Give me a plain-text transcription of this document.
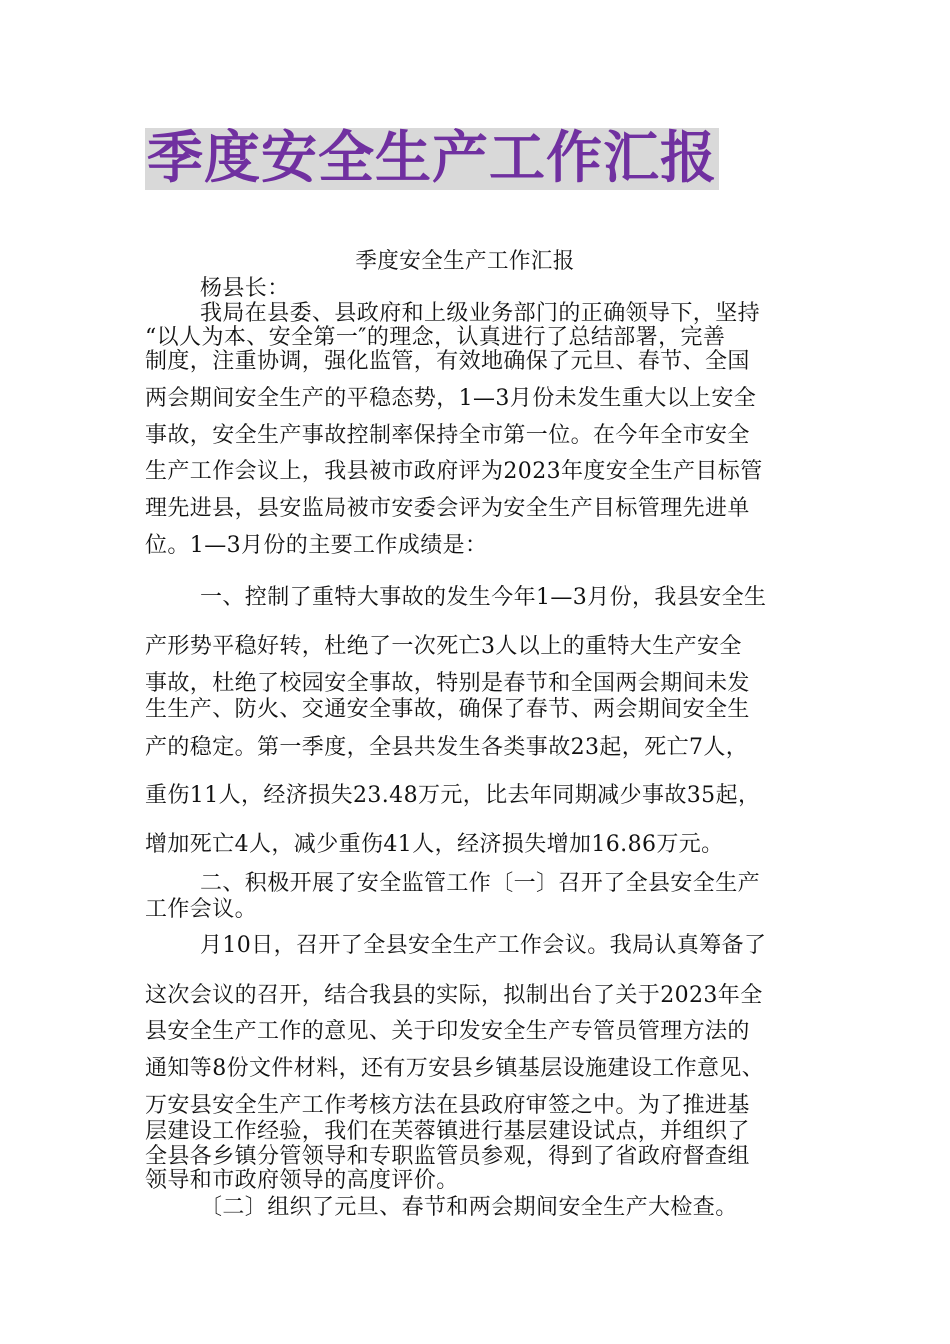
季度安全生产工作汇报
季度安全生产工作汇报
杨县长：
我局在县委、县政府和上级业务部门的正确领导下，坚持
“以人为本、安全第一″的理念，认真进行了总结部署，完善
制度，注重协调，强化监管，有效地确保了元旦、春节、全国
两会期间安全生产的平稳态势，1—3月份未发生重大以上安全
事故，安全生产事故控制率保持全市第一位。在今年全市安全
生产工作会议上，我县被市政府评为2023年度安全生产目标管
理先进县，县安监局被市安委会评为安全生产目标管理先进单
位。1—3月份的主要工作成绩是：
一、控制了重特大事故的发生今年1—3月份，我县安全生
产形势平稳好转，杜绝了一次死亡3人以上的重特大生产安全
事故，杜绝了校园安全事故，特别是春节和全国两会期间未发
生生产、防火、交通安全事故，确保了春节、两会期间安全生
产的稳定。第一季度，全县共发生各类事故23起，死亡7人，
重伤11人，经济损失23.48万元，比去年同期减少事故35起，
增加死亡4人，减少重伤41人，经济损失增加16.86万元。
二、积极开展了安全监管工作〔一〕召开了全县安全生产
工作会议。
月10日，召开了全县安全生产工作会议。我局认真筹备了
这次会议的召开，结合我县的实际，拟制出台了关于2023年全
县安全生产工作的意见、关于印发安全生产专管员管理方法的
通知等8份文件材料，还有万安县乡镇基层设施建设工作意见、
万安县安全生产工作考核方法在县政府审签之中。为了推进基
层建设工作经验，我们在芙蓉镇进行基层建设试点，并组织了
全县各乡镇分管领导和专职监管员参观，得到了省政府督查组
领导和市政府领导的高度评价。
〔二〕组织了元旦、春节和两会期间安全生产大检查。
